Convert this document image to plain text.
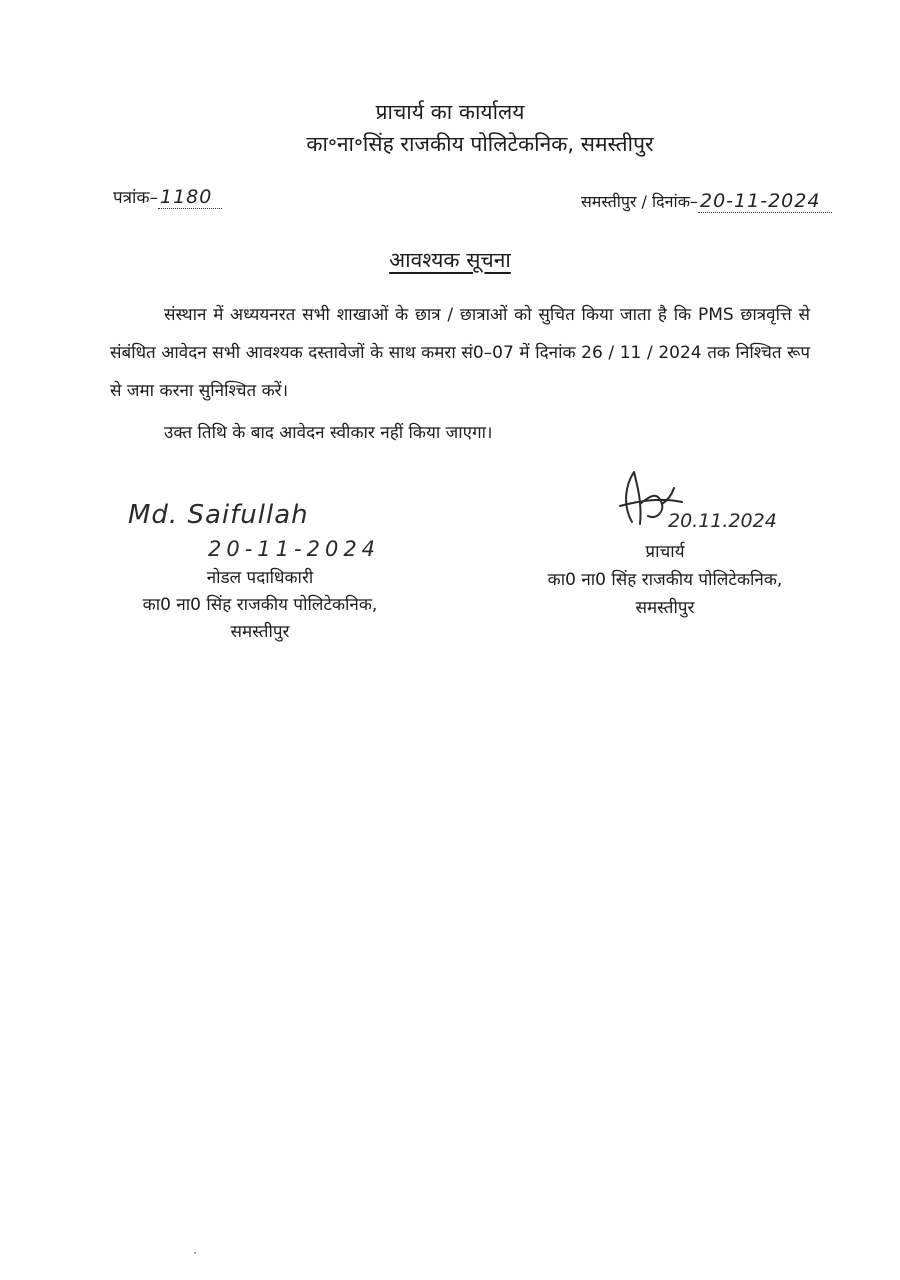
प्राचार्य का कार्यालय
का॰ना॰सिंह राजकीय पोलिटेकनिक, समस्तीपुर
पत्रांक– 1180	समस्तीपुर / दिनांक– 20-11-2024
आवश्यक सूचना
संस्थान में अध्ययनरत सभी शाखाओं के छात्र / छात्राओं को सुचित किया जाता है कि PMS छात्रवृत्ति से संबंधित आवेदन सभी आवश्यक दस्तावेजों के साथ कमरा सं0–07 में दिनांक 26 / 11 / 2024 तक निश्चित रूप से जमा करना सुनिश्चित करें।
उक्त तिथि के बाद आवेदन स्वीकार नहीं किया जाएगा।
Md. Saifullah
20-11-2024
नोडल पदाधिकारी
का0 ना0 सिंह राजकीय पोलिटेकनिक,
समस्तीपुर
20.11.2024
प्राचार्य
का0 ना0 सिंह राजकीय पोलिटेकनिक,
समस्तीपुर
